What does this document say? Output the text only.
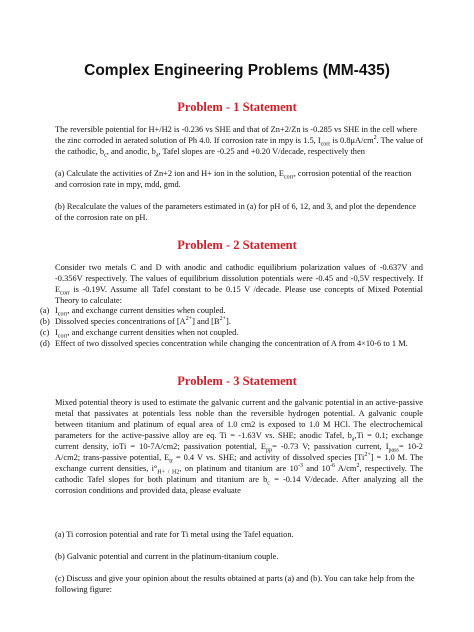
Complex Engineering Problems (MM-435)
Problem - 1 Statement

The reversible potential for H+/H2 is -0.236 vs SHE and that of Zn+2/Zn is -0.285 vs SHE in the cell where the zinc corroded in aerated solution of Ph 4.0. If corrosion rate in mpy is 1.5, $I_{corr}$ is $0.8\mu A/cm^2$. The value of the cathodic, $b_c$, and anodic, $b_a$, Tafel slopes are -0.25 and +0.20 V/decade, respectively then

(a) Calculate the activities of Zn+2 ion and H+ ion in the solution, $E_{corr}$, corrosion potential of the reaction and corrosion rate in mpy, mdd, gmd.

(b) Recalculate the values of the parameters estimated in (a) for pH of 6, 12, and 3, and plot the dependence of the corrosion rate on pH.

Problem - 2 Statement

Consider two metals C and D with anodic and cathodic equilibrium polarization values of -0.637V and -0.356V respectively. The values of equilibrium dissolution potentials were -0.45 and -0,5V respectively. If $E_{corr}$ is -0.19V. Assume all Tafel constant to be 0.15 V /decade. Please use concepts of Mixed Potential Theory to calculate:

(a) $I_{corr}$, and exchange current densities when coupled.
(b) Dissolved species concentrations of $[A^{2+}]$ and $[B^{2+}]$.
(c) $I_{corr}$, and exchange current densities when not coupled.
(d) Effect of two dissolved species concentration while changing the concentration of A from 4×10-6 to 1 M.
Problem - 3 Statement

Mixed potential theory is used to estimate the galvanic current and the galvanic potential in an active-passive metal that passivates at potentials less noble than the reversible hydrogen potential. A galvanic couple between titanium and platinum of equal area of 1.0 cm2 is exposed to 1.0 M HCl. The electrochemical parameters for the active-passive alloy are eq. Ti = -1.63V vs. SHE; anodic Tafel, $b_a,Ti = 0.1$; exchange current density, ioTi = 10-7A/cm2; passivation potential, $E_{pp}= -0.73$ V; passivation current, $I_{pass}= 10-2$ A/cm2; trans-passive potential, $E_{tr} = 0.4$ V vs. SHE; and activity of dissolved species $[Ti^{2+}] = 1.0$ M. The exchange current densities, $i^\circ_{H+ / H2}$, on platinum and titanium are $10^{-3}$ and $10^{-6}$ $A/cm^2$, respectively. The cathodic Tafel slopes for both platinum and titanium are $b_c = -0.14$ V/decade. After analyzing all the corrosion conditions and provided data, please evaluate

(a) Ti corrosion potential and rate for Ti metal using the Tafel equation.

(b) Galvanic potential and current in the platinum-titanium couple.

(c) Discuss and give your opinion about the results obtained at parts (a) and (b). You can take help from the following figure:
